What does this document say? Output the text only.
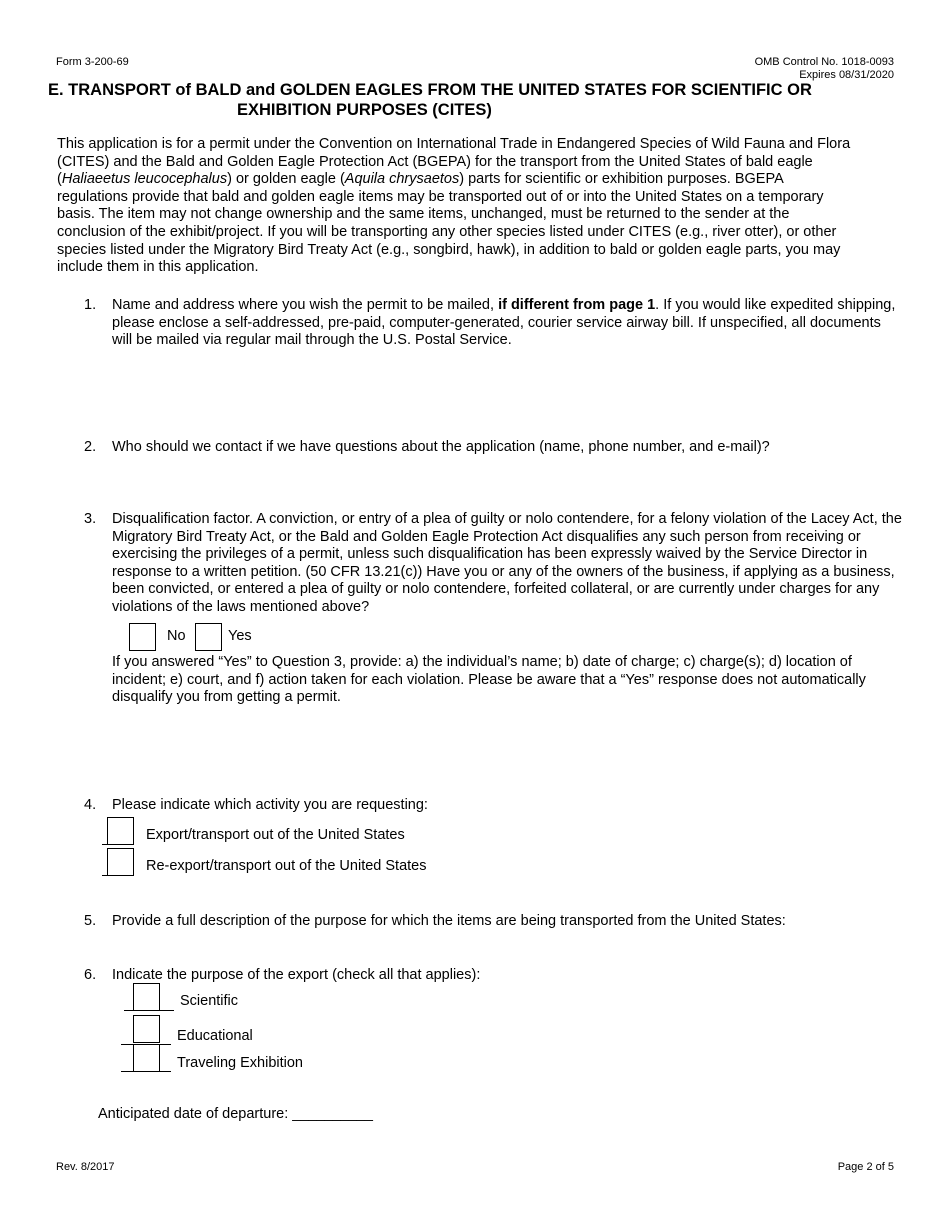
Form 3-200-69	OMB Control No. 1018-0093
Expires 08/31/2020
E. TRANSPORT of BALD and GOLDEN EAGLES FROM THE UNITED STATES FOR SCIENTIFIC OR
EXHIBITION PURPOSES (CITES)
This application is for a permit under the Convention on International Trade in Endangered Species of Wild Fauna and Flora (CITES) and the Bald and Golden Eagle Protection Act (BGEPA) for the transport from the United States of bald eagle (Haliaeetus leucocephalus) or golden eagle (Aquila chrysaetos) parts for scientific or exhibition purposes. BGEPA regulations provide that bald and golden eagle items may be transported out of or into the United States on a temporary basis. The item may not change ownership and the same items, unchanged, must be returned to the sender at the conclusion of the exhibit/project. If you will be transporting any other species listed under CITES (e.g., river otter), or other species listed under the Migratory Bird Treaty Act (e.g., songbird, hawk), in addition to bald or golden eagle parts, you may include them in this application.
1.	Name and address where you wish the permit to be mailed, if different from page 1. If you would like expedited shipping, please enclose a self-addressed, pre-paid, computer-generated, courier service airway bill. If unspecified, all documents will be mailed via regular mail through the U.S. Postal Service.
2.	Who should we contact if we have questions about the application (name, phone number, and e-mail)?
3.	Disqualification factor. A conviction, or entry of a plea of guilty or nolo contendere, for a felony violation of the Lacey Act, the Migratory Bird Treaty Act, or the Bald and Golden Eagle Protection Act disqualifies any such person from receiving or exercising the privileges of a permit, unless such disqualification has been expressly waived by the Service Director in response to a written petition. (50 CFR 13.21(c)) Have you or any of the owners of the business, if applying as a business, been convicted, or entered a plea of guilty or nolo contendere, forfeited collateral, or are currently under charges for any violations of the laws mentioned above?
No	Yes
If you answered “Yes” to Question 3, provide: a) the individual’s name; b) date of charge; c) charge(s); d) location of incident; e) court, and f) action taken for each violation. Please be aware that a “Yes” response does not automatically disqualify you from getting a permit.
4.	Please indicate which activity you are requesting:
Export/transport out of the United States
Re-export/transport out of the United States
5.	Provide a full description of the purpose for which the items are being transported from the United States:
6.	Indicate the purpose of the export (check all that applies):
Scientific
Educational
Traveling Exhibition
Anticipated date of departure: __________
Rev. 8/2017	Page 2 of 5
